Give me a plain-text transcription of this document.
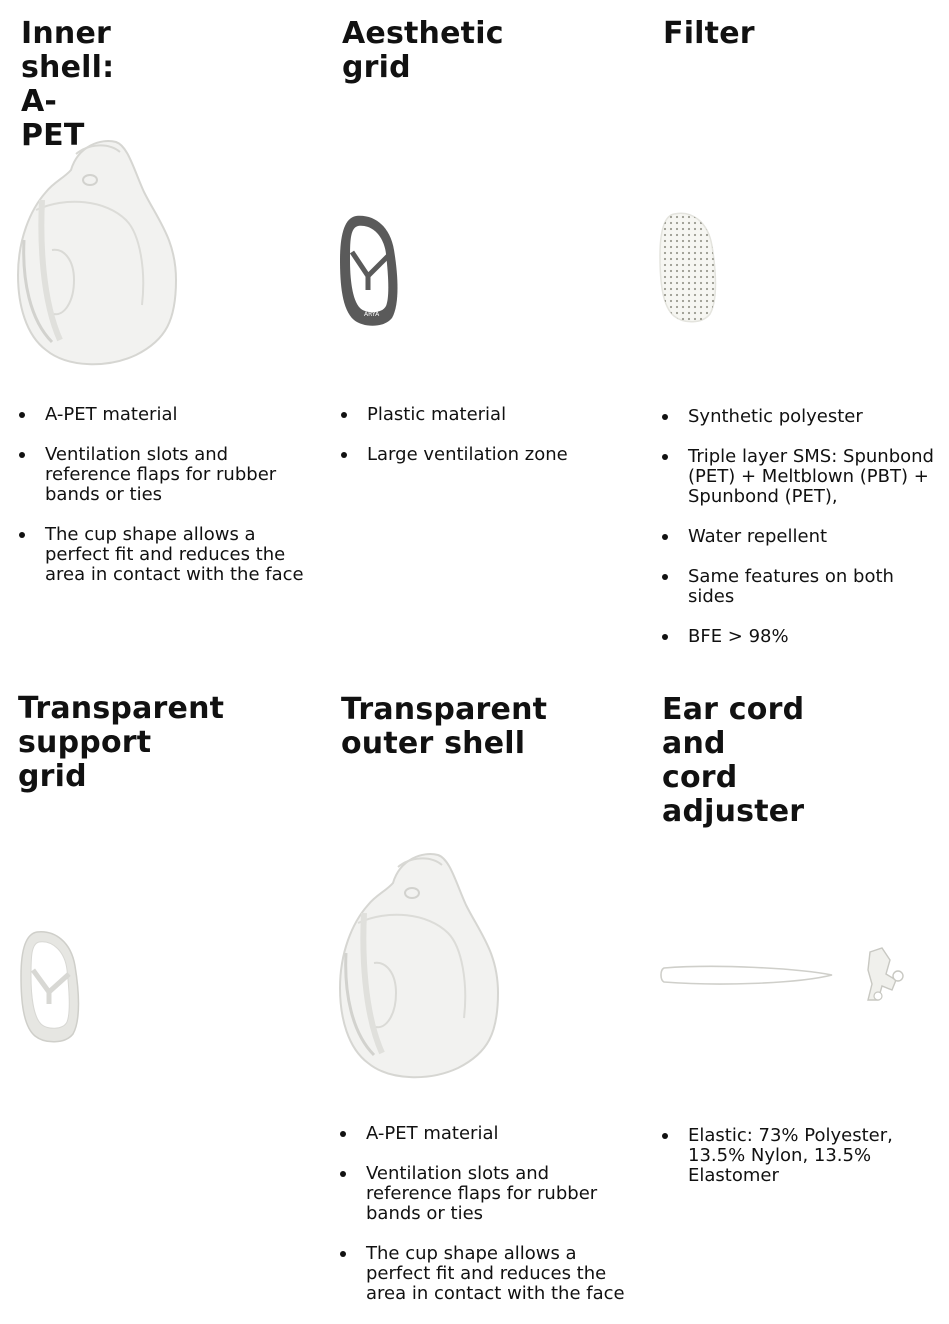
Inner shell:
A-PET
A-PET material
Ventilation slots and reference flaps for rubber bands or ties
The cup shape allows a perfect fit and reduces the area in contact with the face
Aesthetic
grid
ARYA
Plastic material
Large ventilation zone
Filter
Synthetic polyester
Triple layer SMS: Spunbond (PET) + Meltblown (PBT) + Spunbond (PET),
Water repellent
Same features on both sides
BFE > 98%
Transparent
support grid
Transparent
outer shell
A-PET material
Ventilation slots and reference flaps for rubber bands or ties
The cup shape allows a perfect fit and reduces the area in contact with the face
Ear cord and
cord adjuster
Elastic: 73% Polyester, 13.5% Nylon, 13.5% Elastomer
